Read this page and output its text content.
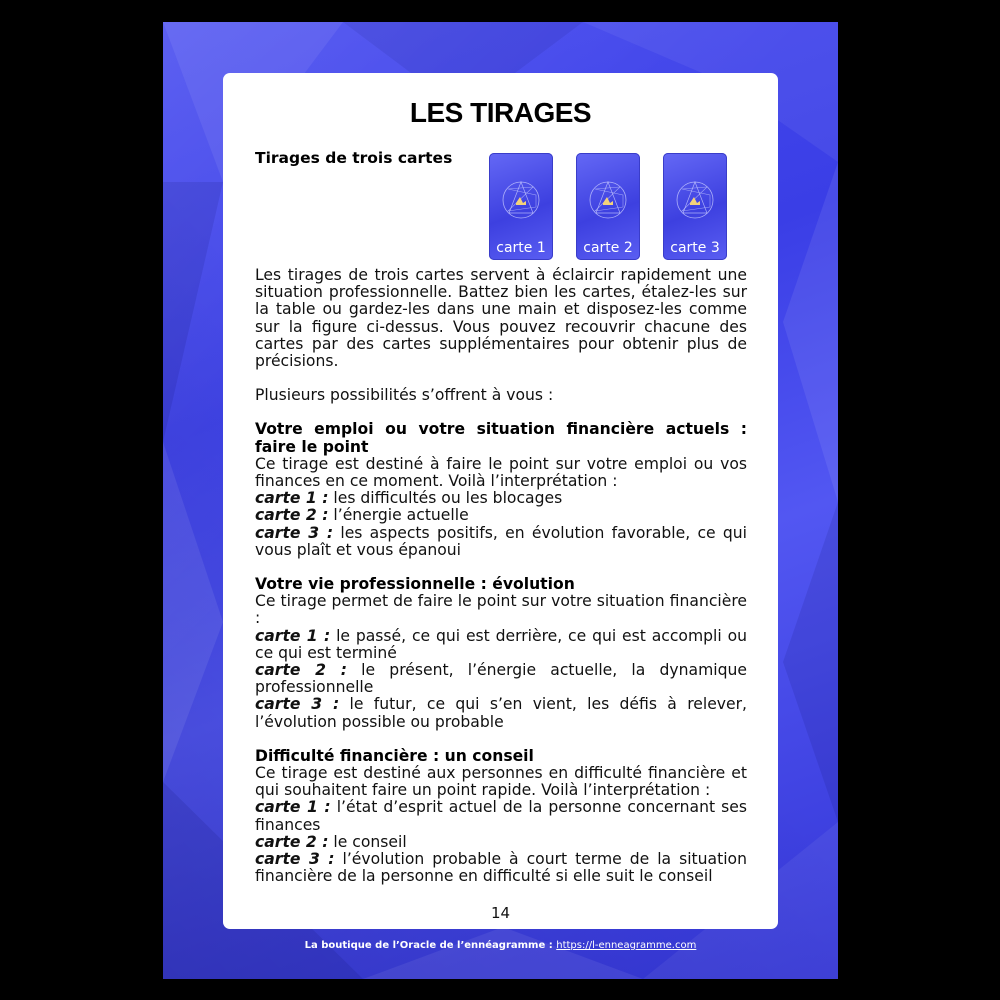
LES TIRAGES
Tirages de trois cartes
carte 1	carte 2	carte 3

Les tirages de trois cartes servent à éclaircir rapidement une situation professionnelle. Battez bien les cartes, étalez-les sur la table ou gardez-les dans une main et disposez-les comme sur la figure ci-dessus. Vous pouvez recouvrir chacune des cartes par des cartes supplémentaires pour obtenir plus de précisions.

Plusieurs possibilités s’offrent à vous :

Votre emploi ou votre situation financière actuels : faire le point

Ce tirage est destiné à faire le point sur votre emploi ou vos finances en ce moment. Voilà l’interprétation :

carte 1 : les difficultés ou les blocages

carte 2 : l’énergie actuelle

carte 3 : les aspects positifs, en évolution favorable, ce qui vous plaît et vous épanoui

Votre vie professionnelle : évolution

Ce tirage permet de faire le point sur votre situation financière :

carte 1 : le passé, ce qui est derrière, ce qui est accompli ou ce qui est terminé

carte 2 : le présent, l’énergie actuelle, la dynamique professionnelle

carte 3 : le futur, ce qui s’en vient, les défis à relever, l’évolution possible ou probable

Difficulté financière : un conseil

Ce tirage est destiné aux personnes en difficulté financière et qui souhaitent faire un point rapide. Voilà l’interprétation :

carte 1 : l’état d’esprit actuel de la personne concernant ses finances

carte 2 : le conseil

carte 3 : l’évolution probable à court terme de la situation financière de la personne en difficulté si elle suit le conseil

14
La boutique de l’Oracle de l’ennéagramme : https://l-enneagramme.com
